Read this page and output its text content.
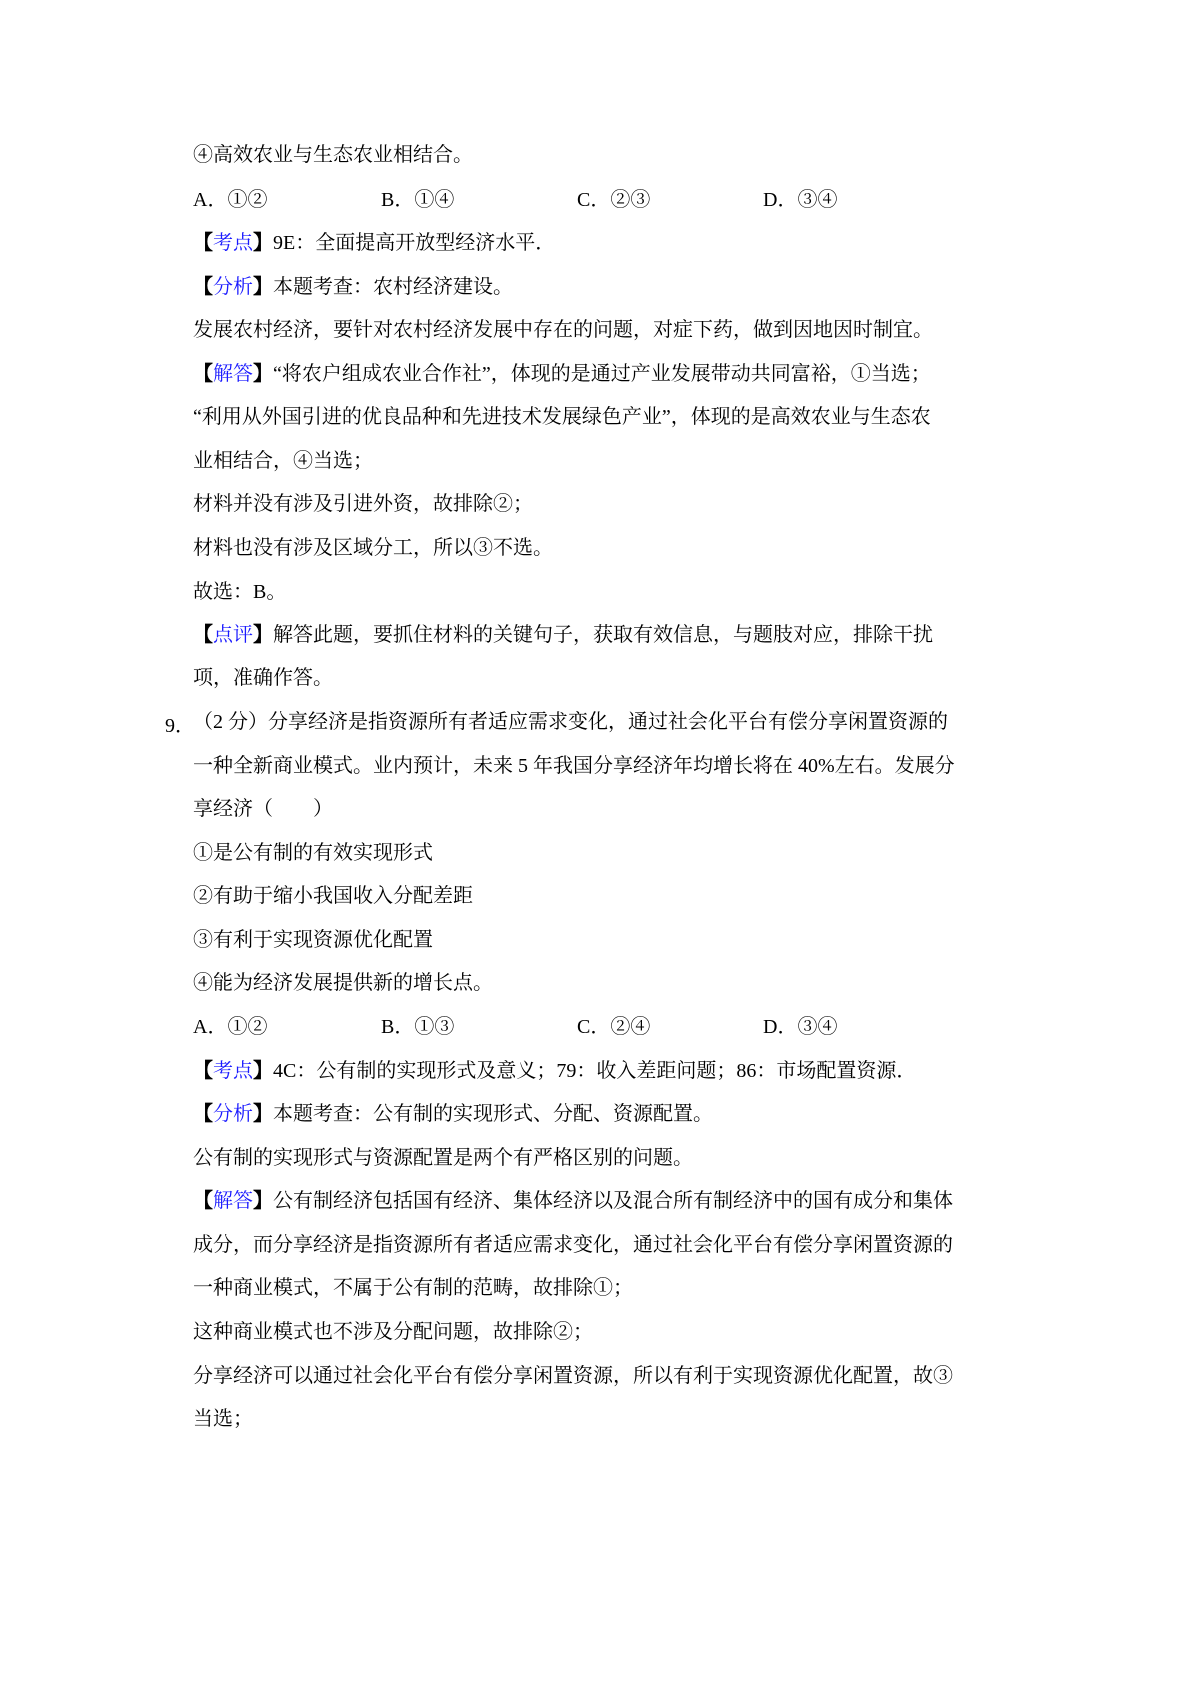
④高效农业与生态农业相结合。
A．①②	B．①④	C．②③	D．③④
【考点】9E：全面提高开放型经济水平．
【分析】本题考查：农村经济建设。
发展农村经济，要针对农村经济发展中存在的问题，对症下药，做到因地因时制宜。
【解答】“将农户组成农业合作社”，体现的是通过产业发展带动共同富裕，①当选；
“利用从外国引进的优良品种和先进技术发展绿色产业”，体现的是高效农业与生态农
业相结合，④当选；
材料并没有涉及引进外资，故排除②；
材料也没有涉及区域分工，所以③不选。
故选：B。
【点评】解答此题，要抓住材料的关键句子，获取有效信息，与题肢对应，排除干扰
项，准确作答。
9．
（2 分）分享经济是指资源所有者适应需求变化，通过社会化平台有偿分享闲置资源的
一种全新商业模式。业内预计，未来 5 年我国分享经济年均增长将在 40%左右。发展分
享经济（　　）
①是公有制的有效实现形式
②有助于缩小我国收入分配差距
③有利于实现资源优化配置
④能为经济发展提供新的增长点。
A．①②	B．①③	C．②④	D．③④
【考点】4C：公有制的实现形式及意义；79：收入差距问题；86：市场配置资源．
【分析】本题考查：公有制的实现形式、分配、资源配置。
公有制的实现形式与资源配置是两个有严格区别的问题。
【解答】公有制经济包括国有经济、集体经济以及混合所有制经济中的国有成分和集体
成分，而分享经济是指资源所有者适应需求变化，通过社会化平台有偿分享闲置资源的
一种商业模式，不属于公有制的范畴，故排除①；
这种商业模式也不涉及分配问题，故排除②；
分享经济可以通过社会化平台有偿分享闲置资源，所以有利于实现资源优化配置，故③
当选；
